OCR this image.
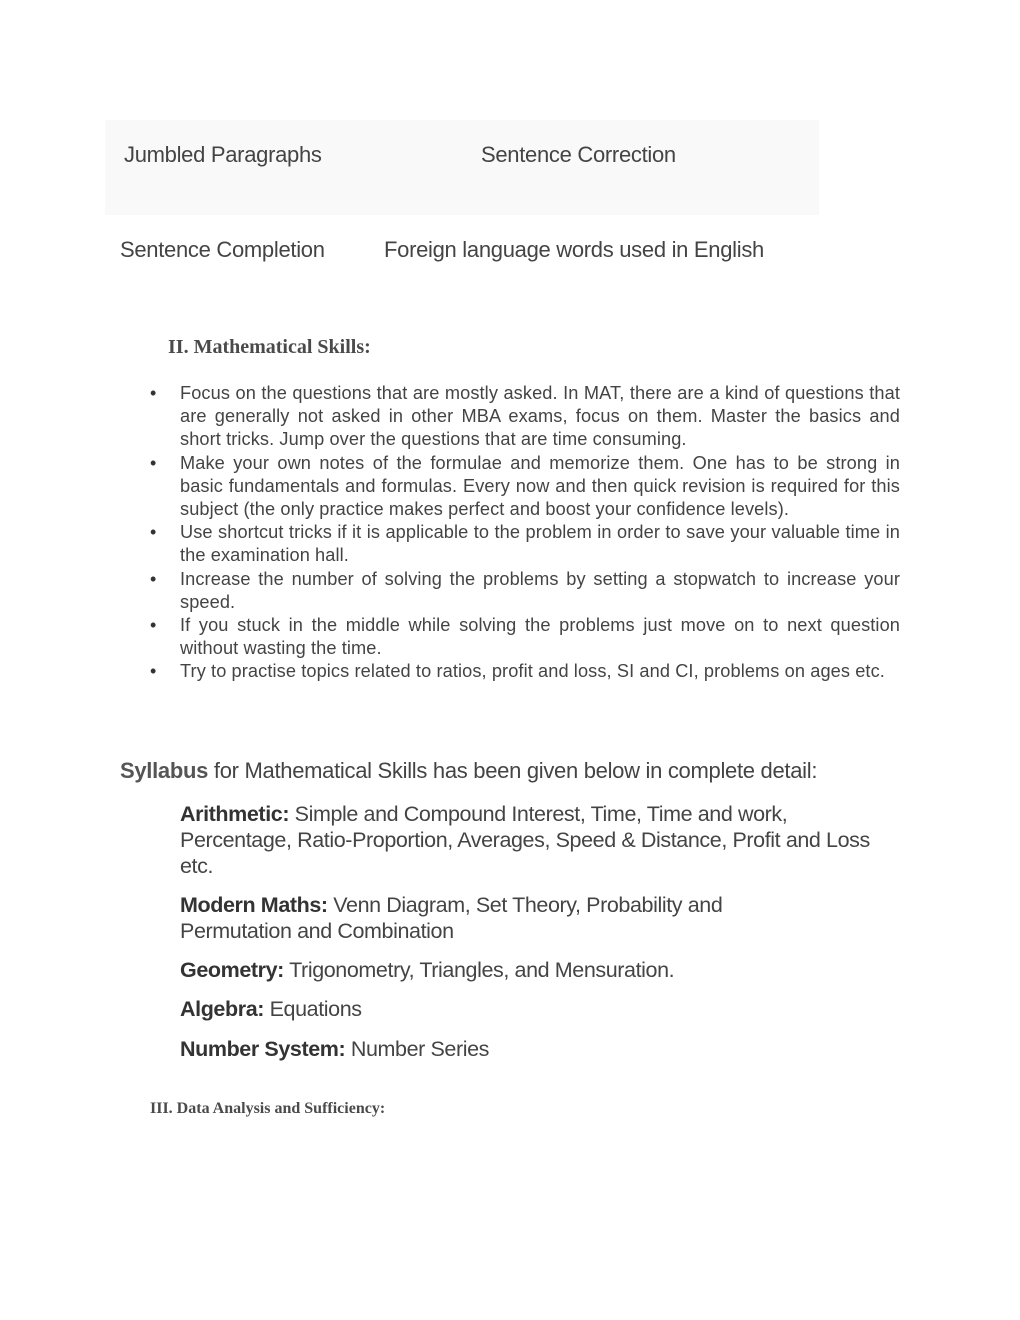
Jumbled Paragraphs	Sentence Correction
Sentence Completion	Foreign language words used in English
II. Mathematical Skills:
• Focus on the questions that are mostly asked. In MAT, there are a kind of questions that are generally not asked in other MBA exams, focus on them. Master the basics and short tricks. Jump over the questions that are time consuming.
• Make your own notes of the formulae and memorize them. One has to be strong in basic fundamentals and formulas. Every now and then quick revision is required for this subject (the only practice makes perfect and boost your confidence levels).
• Use shortcut tricks if it is applicable to the problem in order to save your valuable time in the examination hall.
• Increase the number of solving the problems by setting a stopwatch to increase your speed.
• If you stuck in the middle while solving the problems just move on to next question without wasting the time.
• Try to practise topics related to ratios, profit and loss, SI and CI, problems on ages etc.
Syllabus for Mathematical Skills has been given below in complete detail:
Arithmetic: Simple and Compound Interest, Time, Time and work, Percentage, Ratio-Proportion, Averages, Speed & Distance, Profit and Loss etc.
Modern Maths: Venn Diagram, Set Theory, Probability and Permutation and Combination
Geometry: Trigonometry, Triangles, and Mensuration.
Algebra: Equations
Number System: Number Series
III. Data Analysis and Sufficiency:
